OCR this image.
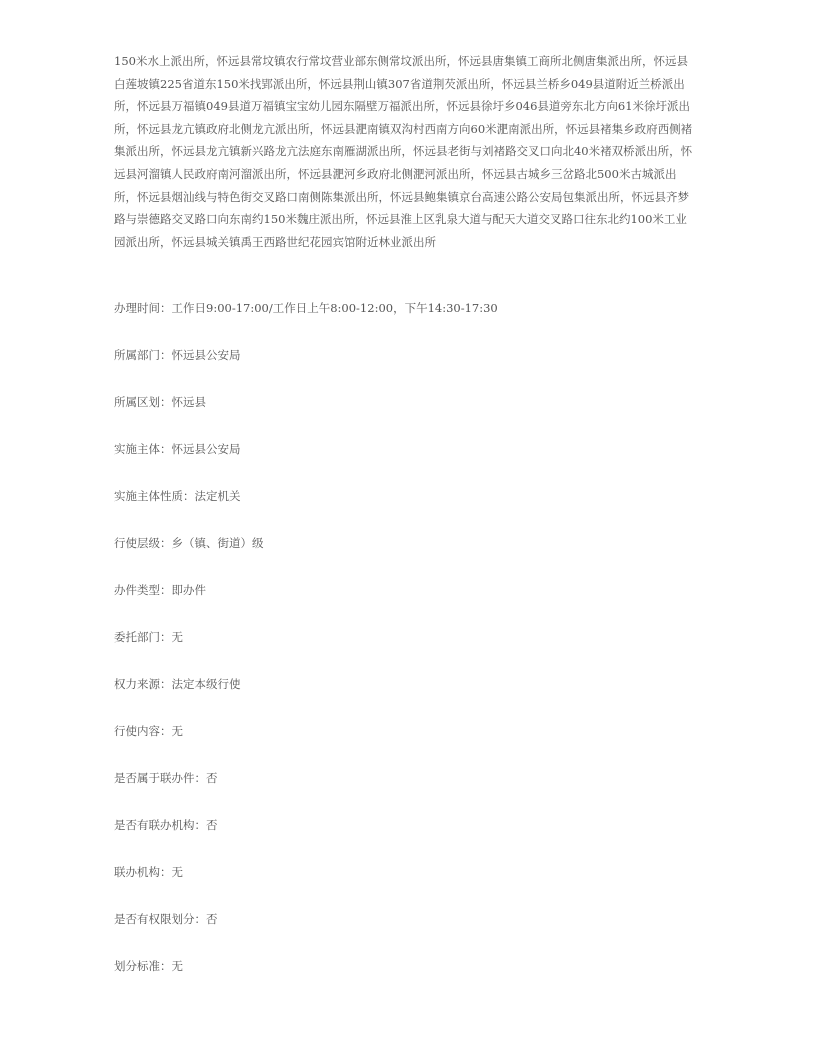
150米水上派出所，怀远县常坟镇农行常坟营业部东侧常坟派出所，怀远县唐集镇工商所北侧唐集派出所，怀远县白莲坡镇225省道东150米找郢派出所，怀远县荆山镇307省道荆芡派出所，怀远县兰桥乡049县道附近兰桥派出所，怀远县万福镇049县道万福镇宝宝幼儿园东隔壁万福派出所，怀远县徐圩乡046县道旁东北方向61米徐圩派出所，怀远县龙亢镇政府北侧龙亢派出所，怀远县淝南镇双沟村西南方向60米淝南派出所，怀远县褚集乡政府西侧褚集派出所，怀远县龙亢镇新兴路龙亢法庭东南雁湖派出所，怀远县老街与刘褚路交叉口向北40米褚双桥派出所，怀远县河溜镇人民政府南河溜派出所，怀远县淝河乡政府北侧淝河派出所，怀远县古城乡三岔路北500米古城派出所，怀远县烟汕线与特色街交叉路口南侧陈集派出所，怀远县鲍集镇京台高速公路公安局包集派出所，怀远县齐梦路与崇德路交叉路口向东南约150米魏庄派出所，怀远县淮上区乳泉大道与配天大道交叉路口往东北约100米工业园派出所，怀远县城关镇禹王西路世纪花园宾馆附近林业派出所

办理时间：工作日9:00-17:00/工作日上午8:00-12:00，下午14:30-17:30

所属部门：怀远县公安局

所属区划：怀远县

实施主体：怀远县公安局

实施主体性质：法定机关

行使层级：乡（镇、街道）级

办件类型：即办件

委托部门：无

权力来源：法定本级行使

行使内容：无

是否属于联办件：否

是否有联办机构：否

联办机构：无

是否有权限划分：否

划分标准：无
